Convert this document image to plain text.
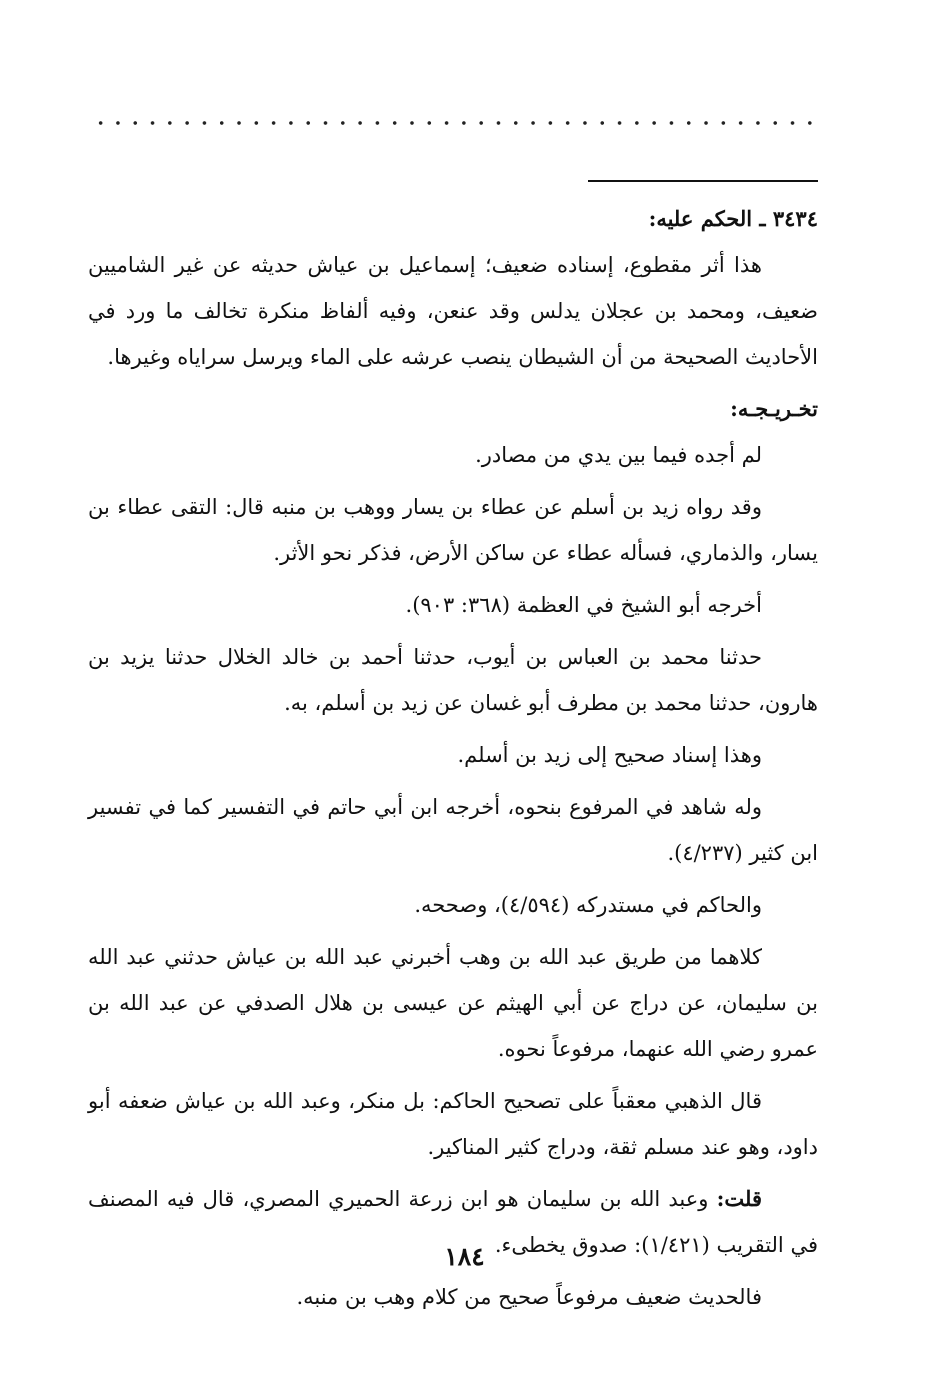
٣٤٣٤ ـ الحكم عليه:

هذا أثر مقطوع، إسناده ضعيف؛ إسماعيل بن عياش حديثه عن غير الشاميين ضعيف، ومحمد بن عجلان يدلس وقد عنعن، وفيه ألفاظ منكرة تخالف ما ورد في الأحاديث الصحيحة من أن الشيطان ينصب عرشه على الماء ويرسل سراياه وغيرها.

تخـريـجـه:

لم أجده فيما بين يدي من مصادر.

وقد رواه زيد بن أسلم عن عطاء بن يسار ووهب بن منبه قال: التقى عطاء بن يسار، والذماري، فسأله عطاء عن ساكن الأرض، فذكر نحو الأثر.

أخرجه أبو الشيخ في العظمة (٣٦٨: ٩٠٣).

حدثنا محمد بن العباس بن أيوب، حدثنا أحمد بن خالد الخلال حدثنا يزيد بن هارون، حدثنا محمد بن مطرف أبو غسان عن زيد بن أسلم، به.

وهذا إسناد صحيح إلى زيد بن أسلم.

وله شاهد في المرفوع بنحوه، أخرجه ابن أبي حاتم في التفسير كما في تفسير ابن كثير (٤/٢٣٧).

والحاكم في مستدركه (٤/٥٩٤)، وصححه.

كلاهما من طريق عبد الله بن وهب أخبرني عبد الله بن عياش حدثني عبد الله بن سليمان، عن دراج عن أبي الهيثم عن عيسى بن هلال الصدفي عن عبد الله بن عمرو رضي الله عنهما، مرفوعاً نحوه.

قال الذهبي معقباً على تصحيح الحاكم: بل منكر، وعبد الله بن عياش ضعفه أبو داود، وهو عند مسلم ثقة، ودراج كثير المناكير.

قلت: وعبد الله بن سليمان هو ابن زرعة الحميري المصري، قال فيه المصنف في التقريب (١/٤٢١): صدوق يخطىء.

فالحديث ضعيف مرفوعاً صحيح من كلام وهب بن منبه.

١٨٤
